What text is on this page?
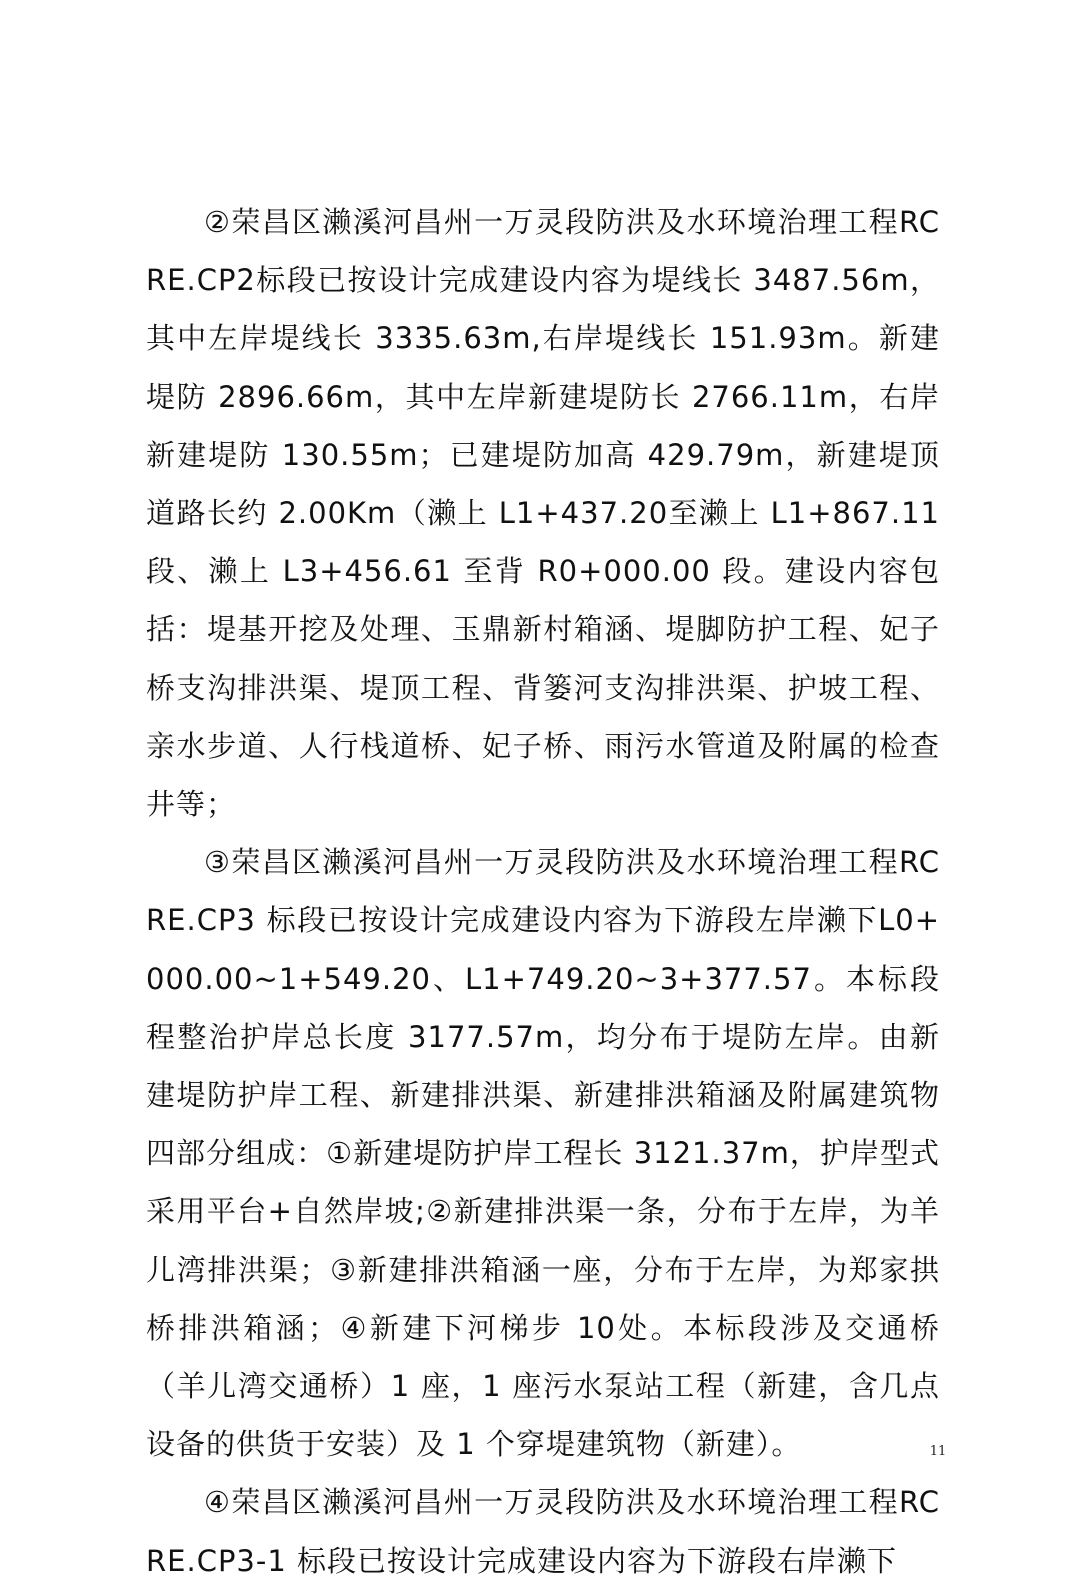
②荣昌区濑溪河昌州一万灵段防洪及水环境治理工程RCRE.CP2标段已按设计完成建设内容为堤线长 3487.56m，其中左岸堤线长 3335.63m,右岸堤线长 151.93m。新建堤防 2896.66m，其中左岸新建堤防长 2766.11m，右岸新建堤防 130.55m；已建堤防加高 429.79m，新建堤顶道路长约 2.00Km（濑上 L1+437.20至濑上 L1+867.11 段、濑上 L3+456.61 至背 R0+000.00 段。建设内容包括：堤基开挖及处理、玉鼎新村箱涵、堤脚防护工程、妃子桥支沟排洪渠、堤顶工程、背篓河支沟排洪渠、护坡工程、亲水步道、人行栈道桥、妃子桥、雨污水管道及附属的检查井等；

③荣昌区濑溪河昌州一万灵段防洪及水环境治理工程RCRE.CP3 标段已按设计完成建设内容为下游段左岸濑下L0+000.00~1+549.20、L1+749.20~3+377.57。本标段程整治护岸总长度 3177.57m，均分布于堤防左岸。由新建堤防护岸工程、新建排洪渠、新建排洪箱涵及附属建筑物四部分组成：①新建堤防护岸工程长 3121.37m，护岸型式采用平台+自然岸坡;②新建排洪渠一条，分布于左岸，为羊儿湾排洪渠；③新建排洪箱涵一座，分布于左岸，为郑家拱桥排洪箱涵；④新建下河梯步 10处。本标段涉及交通桥（羊儿湾交通桥）1 座，1 座污水泵站工程（新建，含几点设备的供货于安装）及 1 个穿堤建筑物（新建）。

④荣昌区濑溪河昌州一万灵段防洪及水环境治理工程RCRE.CP3-1 标段已按设计完成建设内容为下游段右岸濑下

11
